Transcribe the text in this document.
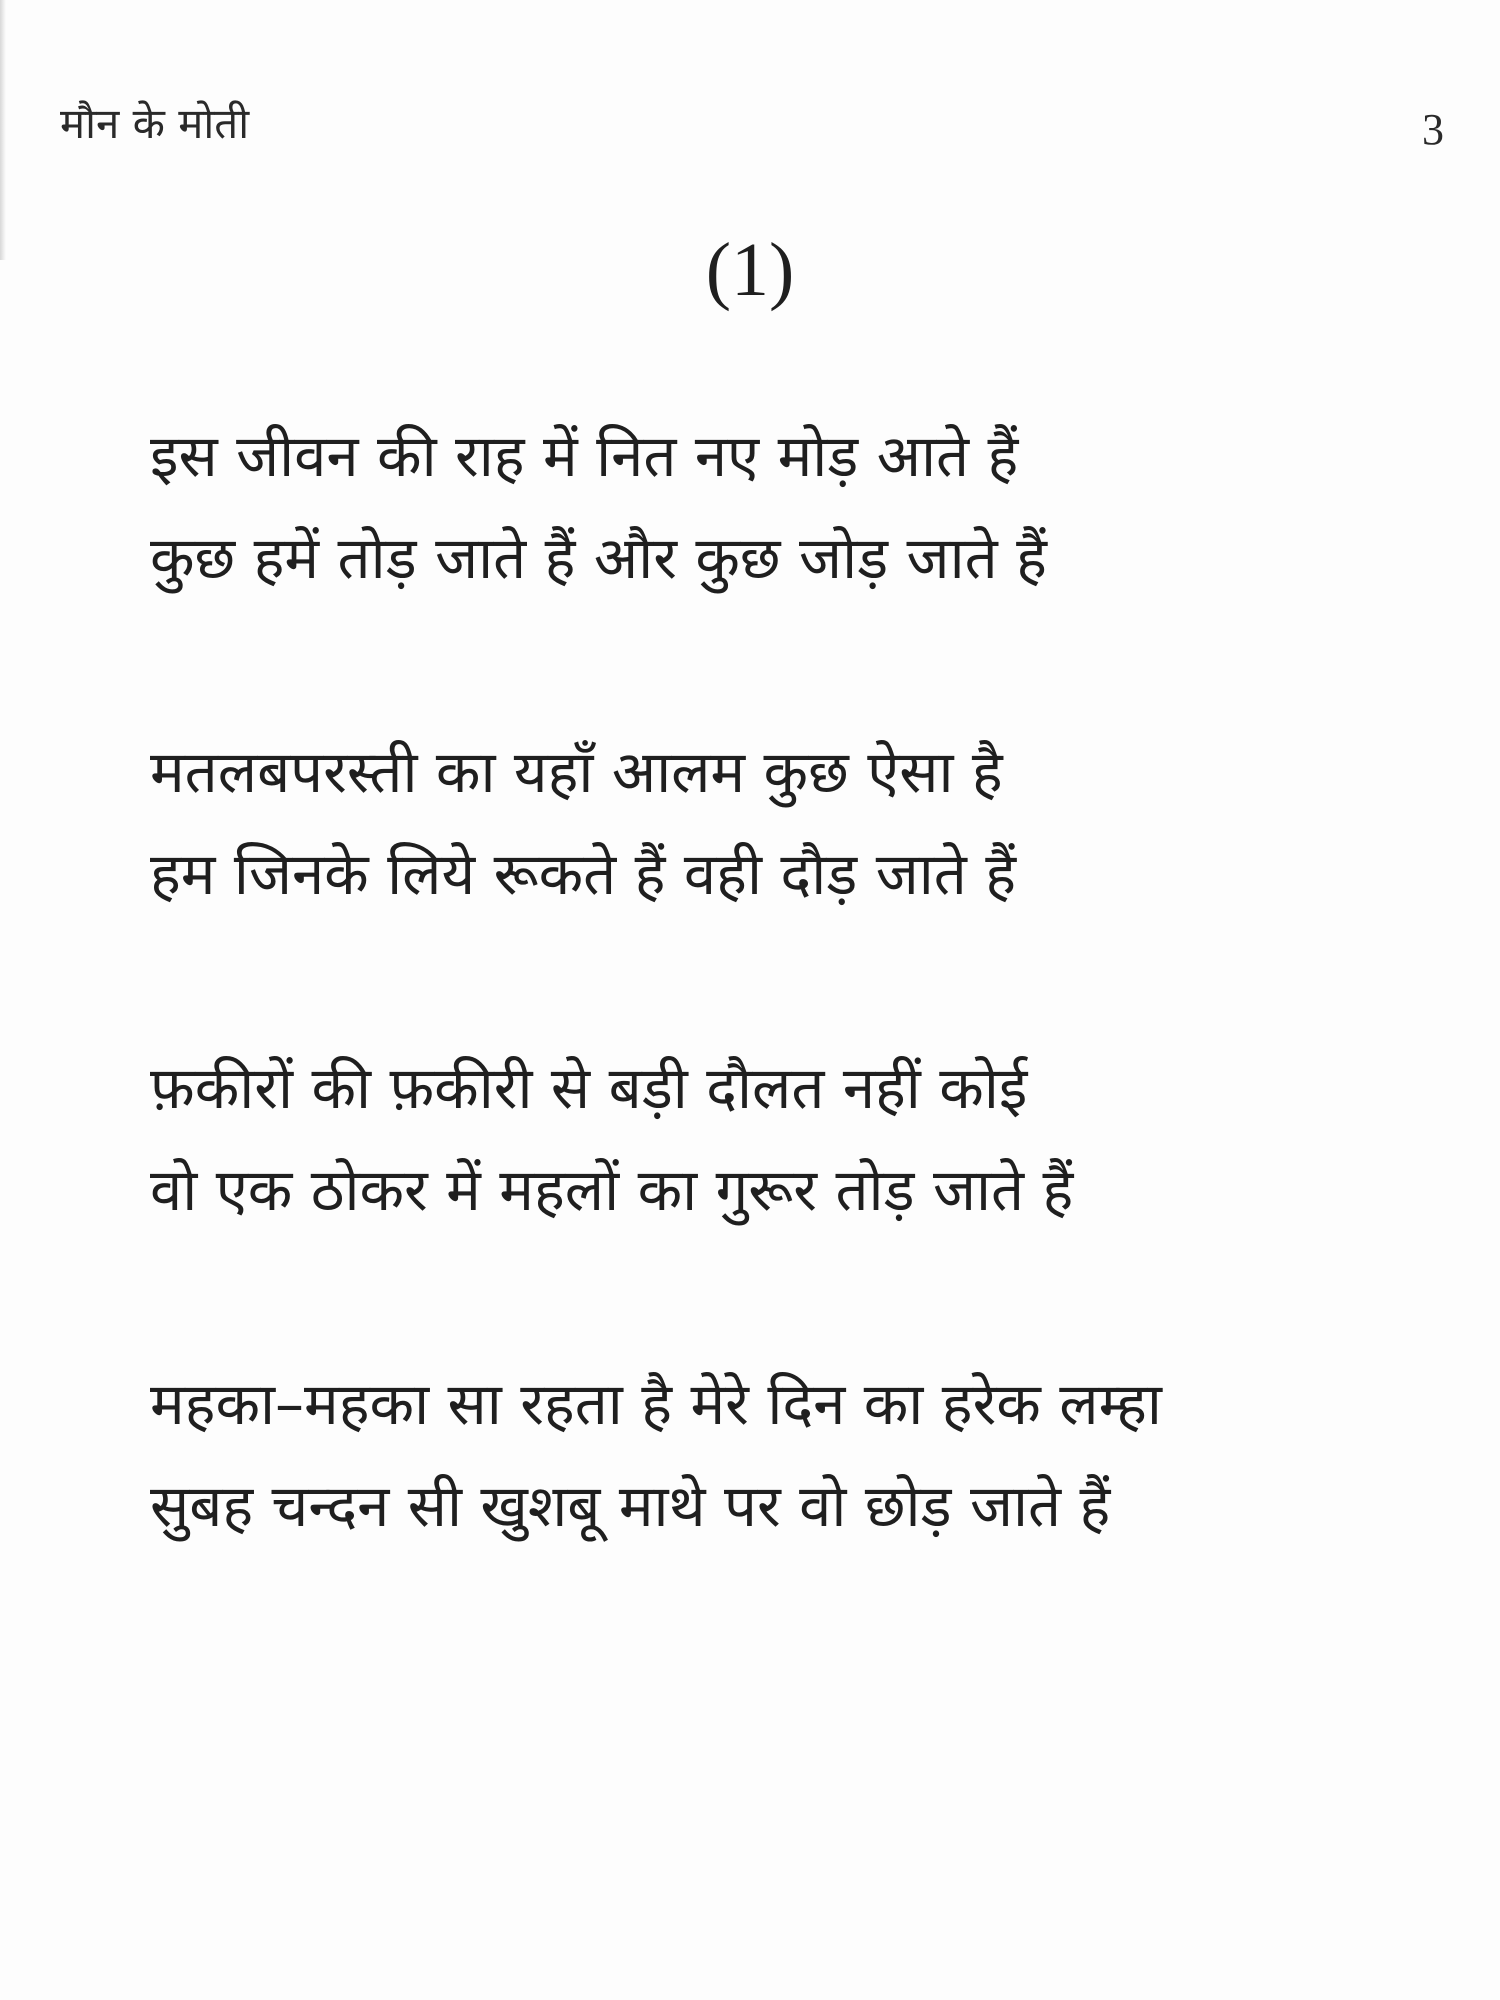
मौन के मोती	3
(1)
इस जीवन की राह में नित नए मोड़ आते हैं
कुछ हमें तोड़ जाते हैं और कुछ जोड़ जाते हैं
मतलबपरस्ती का यहाँ आलम कुछ ऐसा है
हम जिनके लिये रूकते हैं वही दौड़ जाते हैं
फ़कीरों की फ़कीरी से बड़ी दौलत नहीं कोई
वो एक ठोकर में महलों का गुरूर तोड़ जाते हैं
महका–महका सा रहता है मेरे दिन का हरेक लम्हा
सुबह चन्दन सी खुशबू माथे पर वो छोड़ जाते हैं
